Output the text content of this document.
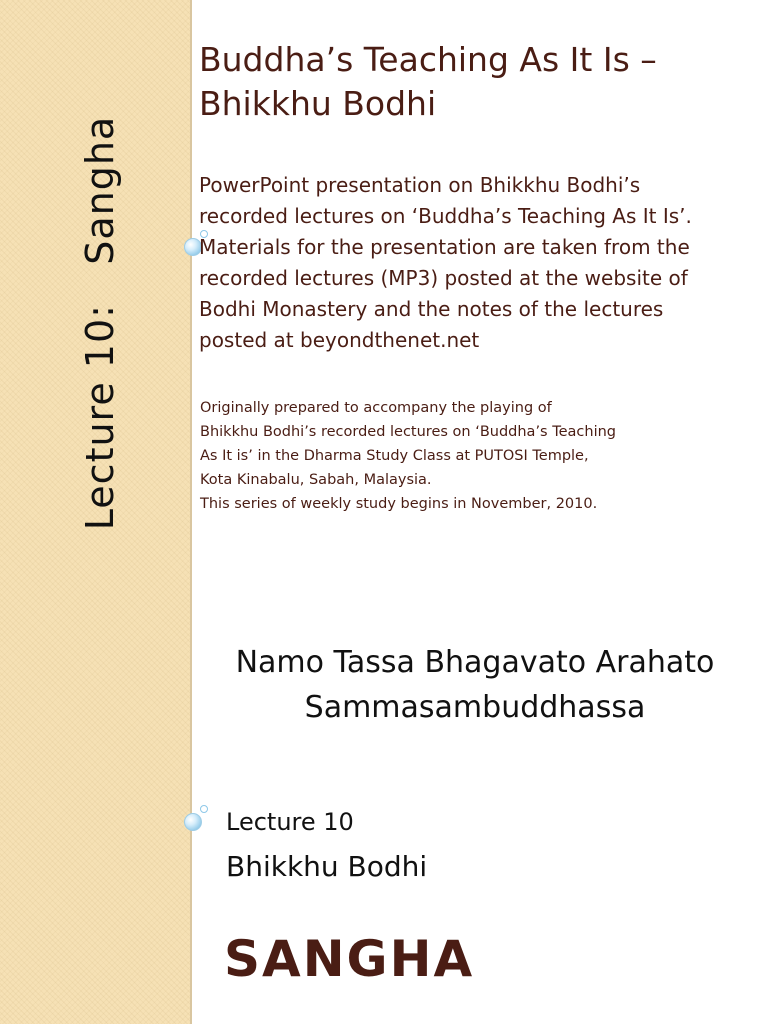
Lecture 10:   Sangha
Buddha’s Teaching As It Is –
Bhikkhu Bodhi
PowerPoint presentation on Bhikkhu Bodhi’s
recorded lectures on ‘Buddha’s Teaching As It Is’.
Materials for the presentation are taken from the
recorded lectures (MP3) posted at the website of
Bodhi Monastery and the notes of the lectures
posted at beyondthenet.net
Originally prepared to accompany the playing of
Bhikkhu Bodhi’s recorded lectures on ‘Buddha’s Teaching
As It is’ in the Dharma Study Class at PUTOSI Temple,
Kota Kinabalu, Sabah, Malaysia.
This series of weekly study begins in November, 2010.
Namo Tassa Bhagavato Arahato
Sammasambuddhassa
Lecture 10
Bhikkhu Bodhi
SANGHA
